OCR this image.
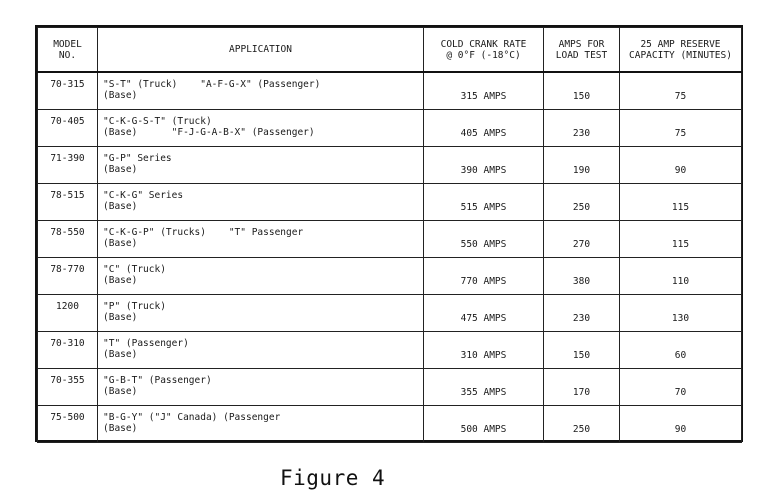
MODEL
NO.	APPLICATION	COLD CRANK RATE
@ 0°F (-18°C)	AMPS FOR
LOAD TEST	25 AMP RESERVE
CAPACITY (MINUTES)

70-315	"S-T" (Truck)    "A-F-G-X" (Passenger)
(Base)	315 AMPS	150	75
70-405	"C-K-G-S-T" (Truck)
(Base)      "F-J-G-A-B-X" (Passenger)	405 AMPS	230	75
71-390	"G-P" Series
(Base)	390 AMPS	190	90
78-515	"C-K-G" Series
(Base)	515 AMPS	250	115
78-550	"C-K-G-P" (Trucks)    "T" Passenger
(Base)	550 AMPS	270	115
78-770	"C" (Truck)
(Base)	770 AMPS	380	110
1200	"P" (Truck)
(Base)	475 AMPS	230	130
70-310	"T" (Passenger)
(Base)	310 AMPS	150	60
70-355	"G-B-T" (Passenger)
(Base)	355 AMPS	170	70
75-500	"B-G-Y" ("J" Canada) (Passenger
(Base)	500 AMPS	250	90
Figure 4
